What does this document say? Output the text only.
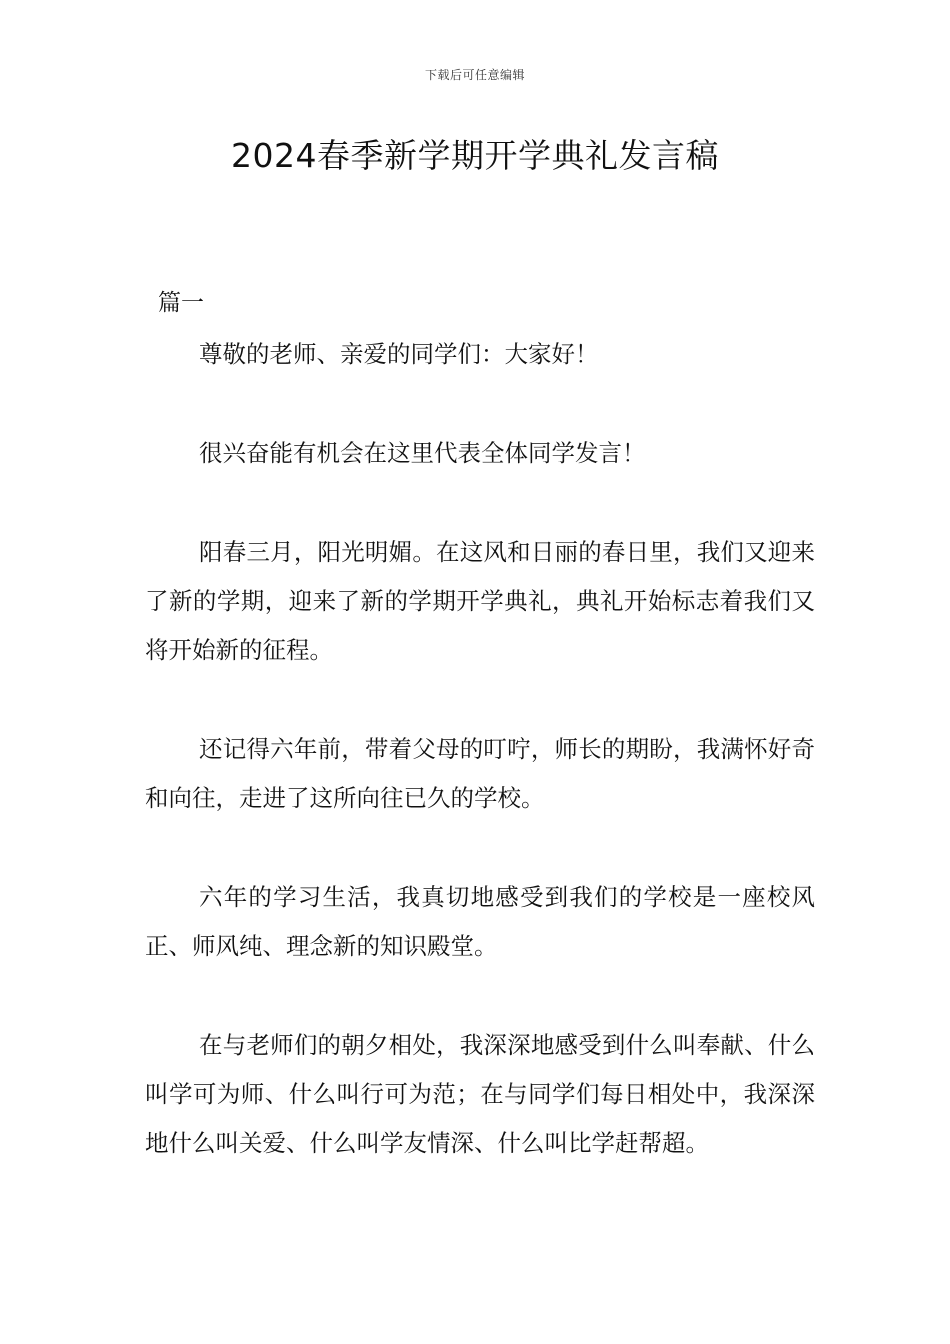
下载后可任意编辑
2024春季新学期开学典礼发言稿
篇一

尊敬的老师、亲爱的同学们：大家好！

很兴奋能有机会在这里代表全体同学发言！

阳春三月，阳光明媚。在这风和日丽的春日里，我们又迎来了新的学期，迎来了新的学期开学典礼，典礼开始标志着我们又将开始新的征程。

还记得六年前，带着父母的叮咛，师长的期盼，我满怀好奇和向往，走进了这所向往已久的学校。

六年的学习生活，我真切地感受到我们的学校是一座校风正、师风纯、理念新的知识殿堂。

在与老师们的朝夕相处，我深深地感受到什么叫奉献、什么叫学可为师、什么叫行可为范；在与同学们每日相处中，我深深地什么叫关爱、什么叫学友情深、什么叫比学赶帮超。
